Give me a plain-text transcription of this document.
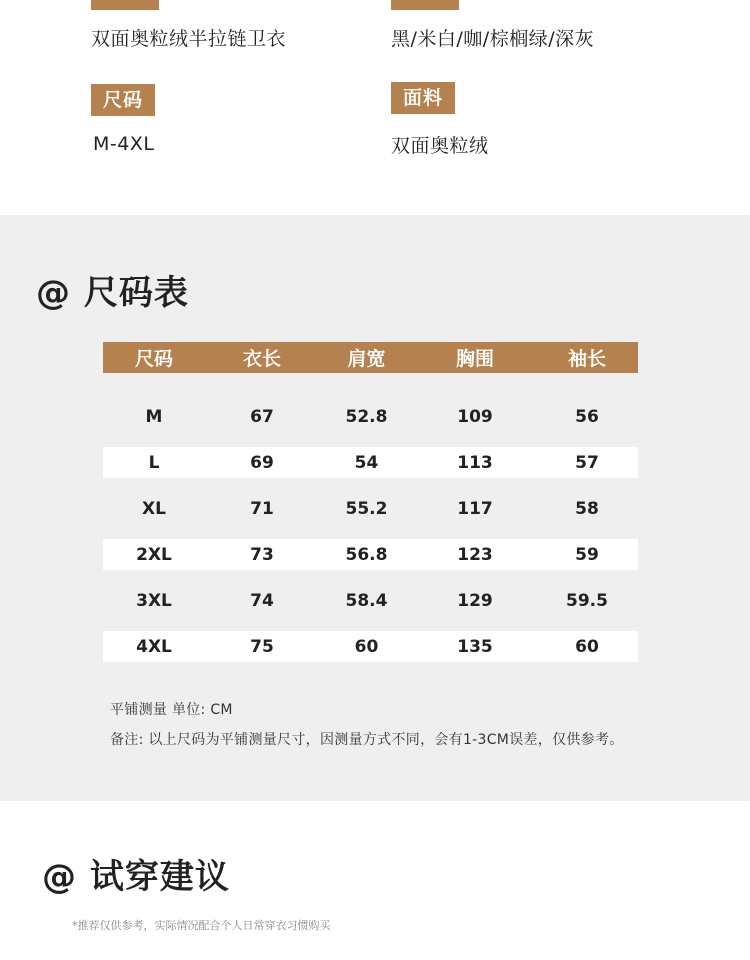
双面奥粒绒半拉链卫衣	黑/米白/咖/棕榈绿/深灰
尺码	面料
M-4XL	双面奥粒绒
@ 尺码表
尺码	衣长	肩宽	胸围	袖长
M	67	52.8	109	56
L	69	54	113	57
XL	71	55.2	117	58
2XL	73	56.8	123	59
3XL	74	58.4	129	59.5
4XL	75	60	135	60
平铺测量 单位: CM
备注: 以上尺码为平铺测量尺寸，因测量方式不同，会有1-3CM误差，仅供参考。
@ 试穿建议
*推荐仅供参考，实际情况配合个人日常穿衣习惯购买
